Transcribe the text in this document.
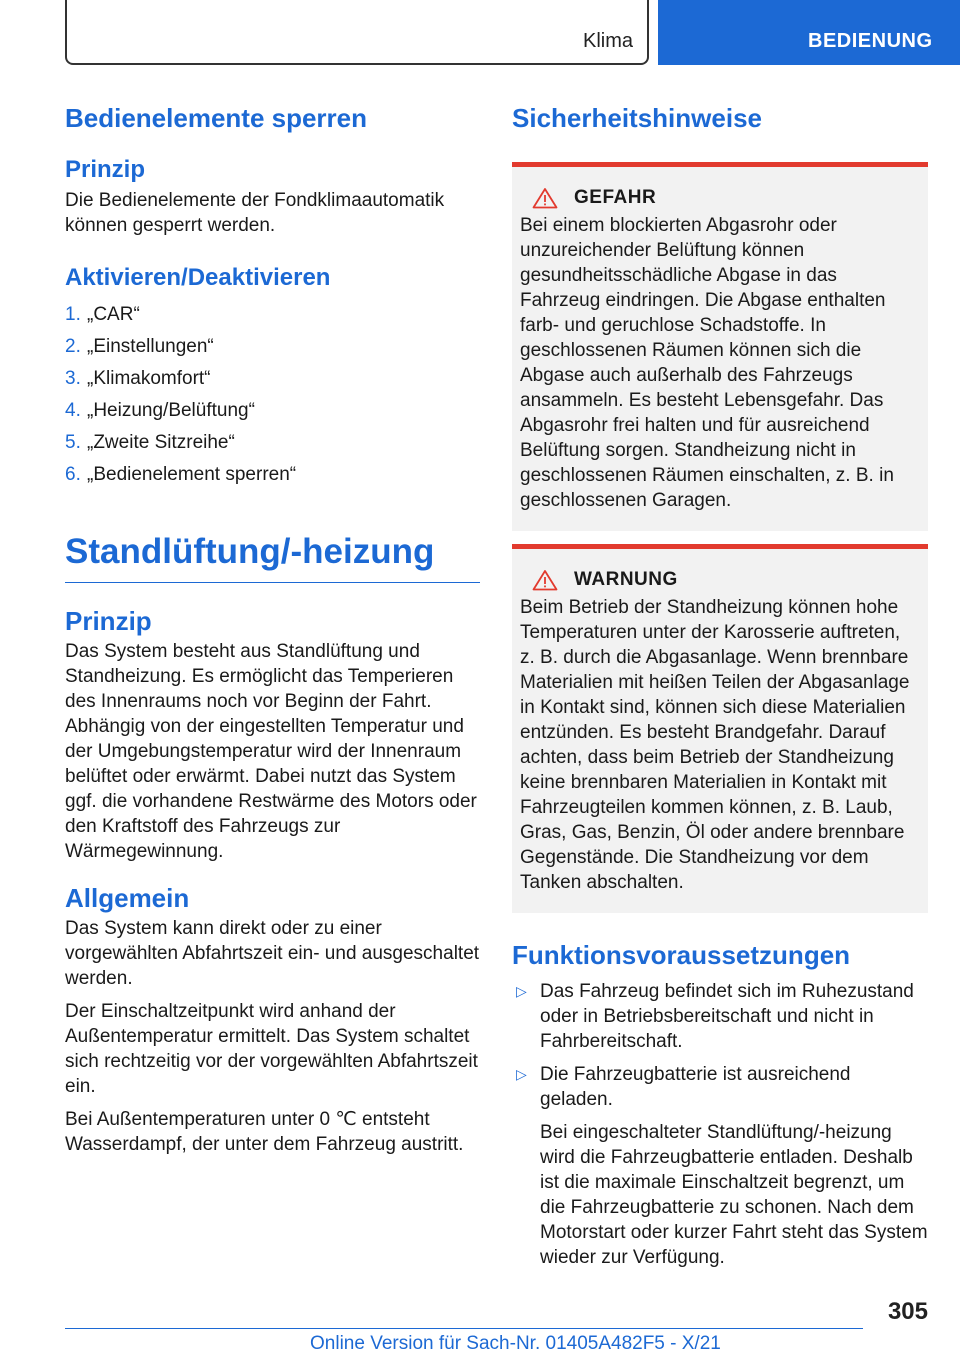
Klima	BEDIENUNG
Bedienelemente sperren
Prinzip

Die Bedienelemente der Fondklimaautomatik können gesperrt werden.

Aktivieren/Deaktivieren
1. „CAR“
2. „Einstellungen“
3. „Klimakomfort“
4. „Heizung/Belüftung“
5. „Zweite Sitzreihe“
6. „Bedienelement sperren“
Standlüftung/-heizung
Prinzip

Das System besteht aus Standlüftung und Standheizung. Es ermöglicht das Temperieren des Innenraums noch vor Beginn der Fahrt. Abhängig von der eingestellten Temperatur und der Umgebungstemperatur wird der Innenraum belüftet oder erwärmt. Dabei nutzt das System ggf. die vorhandene Restwärme des Motors oder den Kraftstoff des Fahrzeugs zur Wärmegewinnung.

Allgemein

Das System kann direkt oder zu einer vorgewählten Abfahrtszeit ein- und ausgeschaltet werden.

Der Einschaltzeitpunkt wird anhand der Außentemperatur ermittelt. Das System schaltet sich rechtzeitig vor der vorgewählten Abfahrtszeit ein.

Bei Außentemperaturen unter 0 ℃ entsteht Wasserdampf, der unter dem Fahrzeug austritt.

Sicherheitshinweise
GEFAHR

Bei einem blockierten Abgasrohr oder unzureichender Belüftung können gesundheitsschädliche Abgase in das Fahrzeug eindringen. Die Abgase enthalten farb- und geruchlose Schadstoffe. In geschlossenen Räumen können sich die Abgase auch außerhalb des Fahrzeugs ansammeln. Es besteht Lebensgefahr. Das Abgasrohr frei halten und für ausreichend Belüftung sorgen. Standheizung nicht in geschlossenen Räumen einschalten, z. B. in geschlossenen Garagen.

WARNUNG

Beim Betrieb der Standheizung können hohe Temperaturen unter der Karosserie auftreten, z. B. durch die Abgasanlage. Wenn brennbare Materialien mit heißen Teilen der Abgasanlage in Kontakt sind, können sich diese Materialien entzünden. Es besteht Brandgefahr. Darauf achten, dass beim Betrieb der Standheizung keine brennbaren Materialien in Kontakt mit Fahrzeugteilen kommen können, z. B. Laub, Gras, Gas, Benzin, Öl oder andere brennbare Gegenstände. Die Standheizung vor dem Tanken abschalten.

Funktionsvoraussetzungen
▷ Das Fahrzeug befindet sich im Ruhezustand oder in Betriebsbereitschaft und nicht in Fahrbereitschaft.
▷ Die Fahrzeugbatterie ist ausreichend geladen.
Bei eingeschalteter Standlüftung/-heizung wird die Fahrzeugbatterie entladen. Deshalb ist die maximale Einschaltzeit begrenzt, um die Fahrzeugbatterie zu schonen. Nach dem Motorstart oder kurzer Fahrt steht das System wieder zur Verfügung.
305
Online Version für Sach-Nr. 01405A482F5 - X/21
